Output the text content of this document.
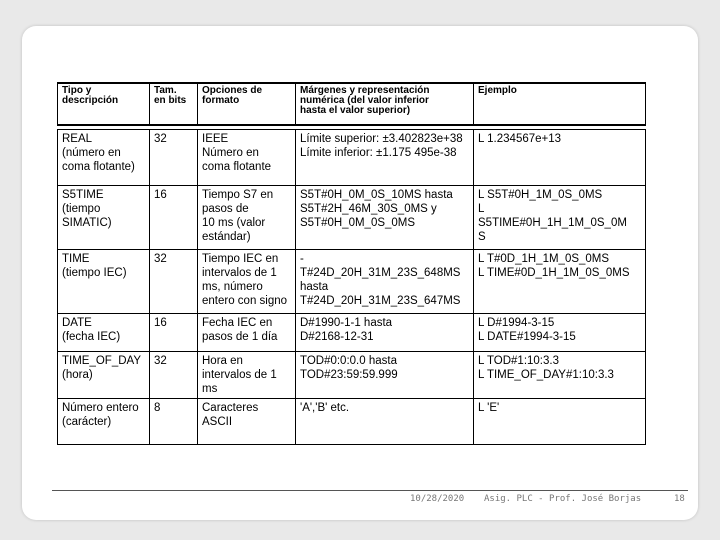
Tipo y
descripción	Tam.
en bits	Opciones de
formato	Márgenes y representación
numérica (del valor inferior
hasta el valor superior)	Ejemplo

REAL
(número en
coma flotante)	32	IEEE
Número en
coma flotante	Límite superior: ±3.402823e+38
Límite inferior: ±1.175 495e-38	L 1.234567e+13

S5TIME
(tiempo
SIMATIC)	16	Tiempo S7 en
pasos de
10 ms (valor
estándar)	S5T#0H_0M_0S_10MS hasta
S5T#2H_46M_30S_0MS y
S5T#0H_0M_0S_0MS	L S5T#0H_1M_0S_0MS
L
S5TIME#0H_1H_1M_0S_0M
S

TIME
(tiempo IEC)	32	Tiempo IEC en
intervalos de 1
ms, número
entero con signo	-
T#24D_20H_31M_23S_648MS
hasta
T#24D_20H_31M_23S_647MS	L T#0D_1H_1M_0S_0MS
L TIME#0D_1H_1M_0S_0MS

DATE
(fecha IEC)	16	Fecha IEC en
pasos de 1 día	D#1990-1-1 hasta
D#2168-12-31	L D#1994-3-15
L DATE#1994-3-15

TIME_OF_DAY
(hora)	32	Hora en
intervalos de 1
ms	TOD#0:0:0.0 hasta
TOD#23:59:59.999	L TOD#1:10:3.3
L TIME_OF_DAY#1:10:3.3

Número entero
(carácter)	8	Caracteres
ASCII	'A','B' etc.	L 'E'
10/28/2020 Asig. PLC - Prof. José Borjas	18
